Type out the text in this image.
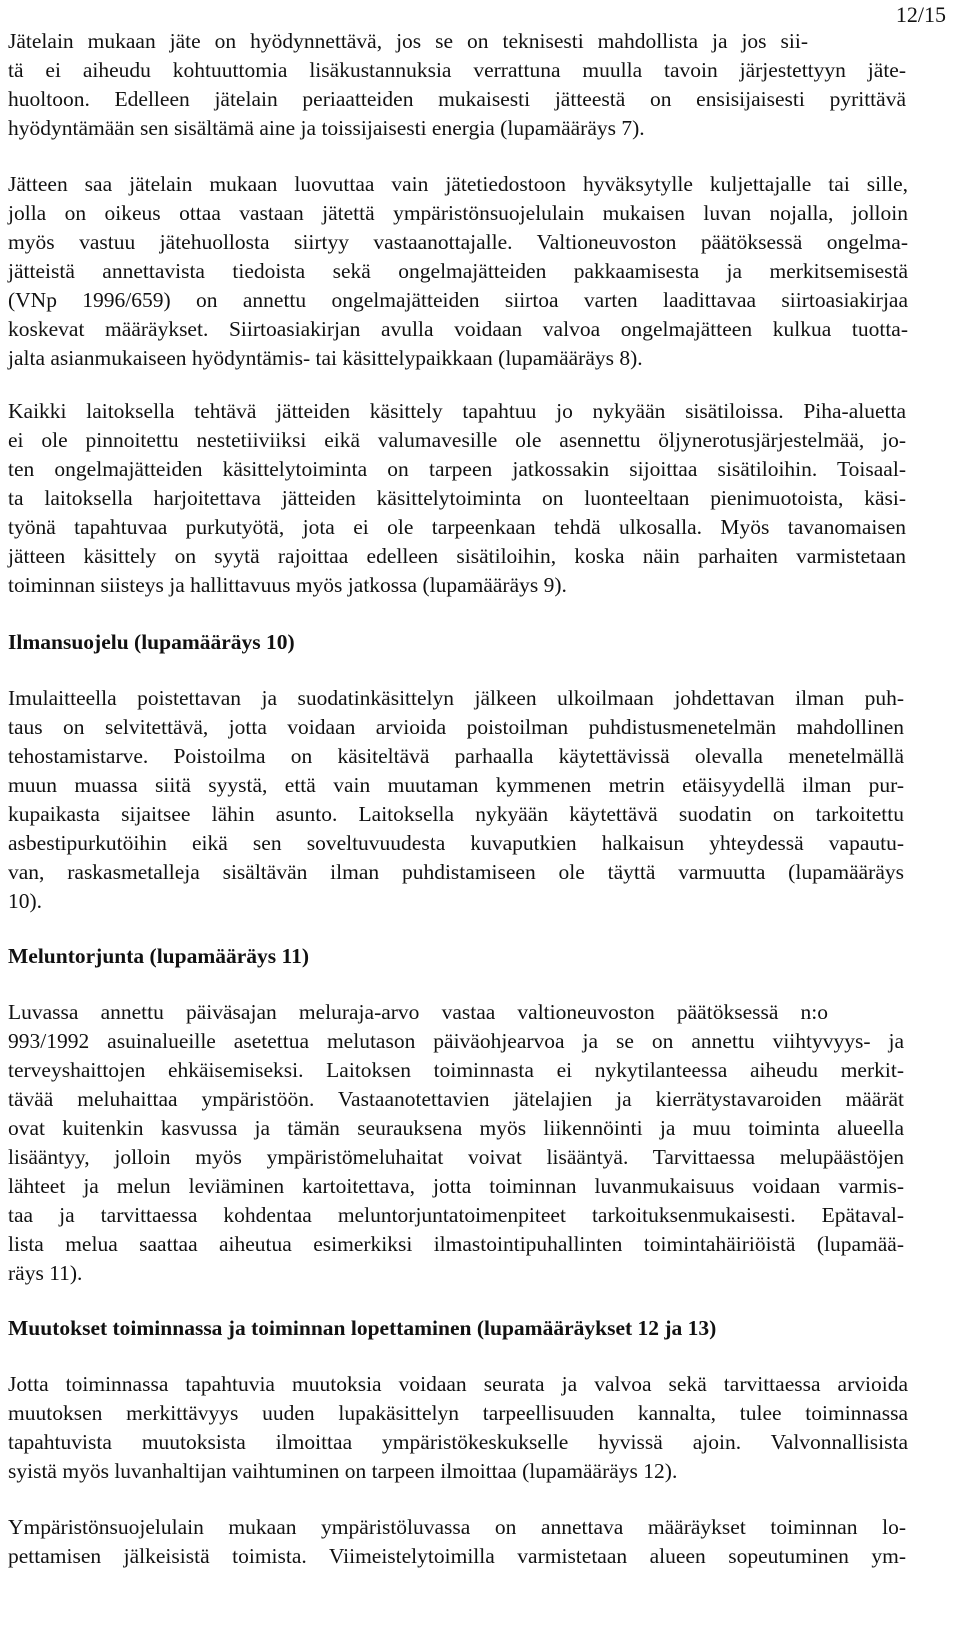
12/15
Jätelain mukaan jäte on hyödynnettävä, jos se on teknisesti mahdollista ja jos sii-
tä ei aiheudu kohtuuttomia lisäkustannuksia verrattuna muulla tavoin järjestettyyn jäte-
huoltoon. Edelleen jätelain periaatteiden mukaisesti jätteestä on ensisijaisesti pyrittävä
hyödyntämään sen sisältämä aine ja toissijaisesti energia (lupamääräys 7).
Jätteen saa jätelain mukaan luovuttaa vain jätetiedostoon hyväksytylle kuljettajalle tai sille,
jolla on oikeus ottaa vastaan jätettä ympäristönsuojelulain mukaisen luvan nojalla, jolloin
myös vastuu jätehuollosta siirtyy vastaanottajalle. Valtioneuvoston päätöksessä ongelma-
jätteistä annettavista tiedoista sekä ongelmajätteiden pakkaamisesta ja merkitsemisestä
(VNp 1996/659) on annettu ongelmajätteiden siirtoa varten laadittavaa siirtoasiakirjaa
koskevat määräykset. Siirtoasiakirjan avulla voidaan valvoa ongelmajätteen kulkua tuotta-
jalta asianmukaiseen hyödyntämis- tai käsittelypaikkaan (lupamääräys 8).
Kaikki laitoksella tehtävä jätteiden käsittely tapahtuu jo nykyään sisätiloissa. Piha-aluetta
ei ole pinnoitettu nestetiiviiksi eikä valumavesille ole asennettu öljynerotusjärjestelmää, jo-
ten ongelmajätteiden käsittelytoiminta on tarpeen jatkossakin sijoittaa sisätiloihin. Toisaal-
ta laitoksella harjoitettava jätteiden käsittelytoiminta on luonteeltaan pienimuotoista, käsi-
työnä tapahtuvaa purkutyötä, jota ei ole tarpeenkaan tehdä ulkosalla. Myös tavanomaisen
jätteen käsittely on syytä rajoittaa edelleen sisätiloihin, koska näin parhaiten varmistetaan
toiminnan siisteys ja hallittavuus myös jatkossa (lupamääräys 9).
Ilmansuojelu (lupamääräys 10)
Imulaitteella poistettavan ja suodatinkäsittelyn jälkeen ulkoilmaan johdettavan ilman puh-
taus on selvitettävä, jotta voidaan arvioida poistoilman puhdistusmenetelmän mahdollinen
tehostamistarve. Poistoilma on käsiteltävä parhaalla käytettävissä olevalla menetelmällä
muun muassa siitä syystä, että vain muutaman kymmenen metrin etäisyydellä ilman pur-
kupaikasta sijaitsee lähin asunto. Laitoksella nykyään käytettävä suodatin on tarkoitettu
asbestipurkutöihin eikä sen soveltuvuudesta kuvaputkien halkaisun yhteydessä vapautu-
van, raskasmetalleja sisältävän ilman puhdistamiseen ole täyttä varmuutta (lupamääräys
10).
Meluntorjunta (lupamääräys 11)
Luvassa annettu päiväsajan meluraja-arvo vastaa valtioneuvoston päätöksessä n:o
993/1992 asuinalueille asetettua melutason päiväohjearvoa ja se on annettu viihtyvyys- ja
terveyshaittojen ehkäisemiseksi. Laitoksen toiminnasta ei nykytilanteessa aiheudu merkit-
tävää meluhaittaa ympäristöön. Vastaanotettavien jätelajien ja kierrätystavaroiden määrät
ovat kuitenkin kasvussa ja tämän seurauksena myös liikennöinti ja muu toiminta alueella
lisääntyy, jolloin myös ympäristömeluhaitat voivat lisääntyä. Tarvittaessa melupäästöjen
lähteet ja melun leviäminen kartoitettava, jotta toiminnan luvanmukaisuus voidaan varmis-
taa ja tarvittaessa kohdentaa meluntorjuntatoimenpiteet tarkoituksenmukaisesti. Epätaval-
lista melua saattaa aiheutua esimerkiksi ilmastointipuhallinten toimintahäiriöistä (lupamää-
räys 11).
Muutokset toiminnassa ja toiminnan lopettaminen (lupamääräykset 12 ja 13)
Jotta toiminnassa tapahtuvia muutoksia voidaan seurata ja valvoa sekä tarvittaessa arvioida
muutoksen merkittävyys uuden lupakäsittelyn tarpeellisuuden kannalta, tulee toiminnassa
tapahtuvista muutoksista ilmoittaa ympäristökeskukselle hyvissä ajoin. Valvonnallisista
syistä myös luvanhaltijan vaihtuminen on tarpeen ilmoittaa (lupamääräys 12).
Ympäristönsuojelulain mukaan ympäristöluvassa on annettava määräykset toiminnan lo-
pettamisen jälkeisistä toimista. Viimeistelytoimilla varmistetaan alueen sopeutuminen ym-
